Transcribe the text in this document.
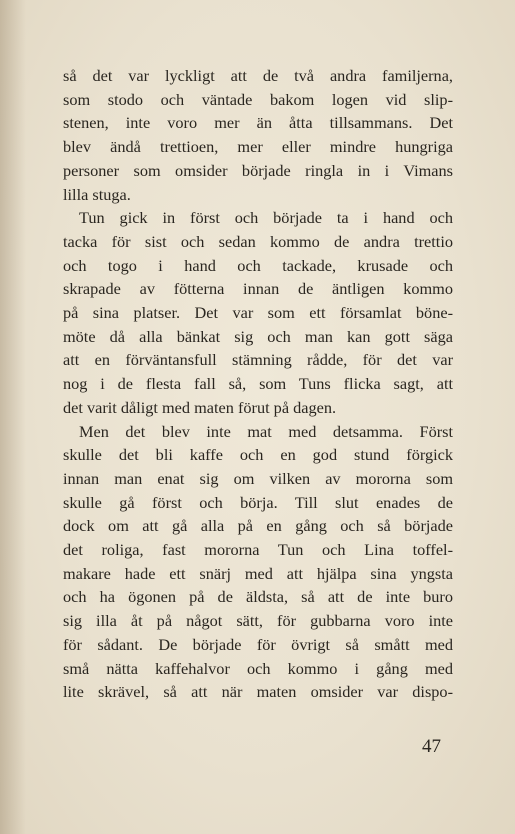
så det var lyckligt att de två andra familjerna,
som stodo och väntade bakom logen vid slip-
stenen, inte voro mer än åtta tillsammans. Det
blev ändå trettioen, mer eller mindre hungriga
personer som omsider började ringla in i Vimans
lilla stuga.
Tun gick in först och började ta i hand och
tacka för sist och sedan kommo de andra trettio
och togo i hand och tackade, krusade och
skrapade av fötterna innan de äntligen kommo
på sina platser. Det var som ett församlat böne-
möte då alla bänkat sig och man kan gott säga
att en förväntansfull stämning rådde, för det var
nog i de flesta fall så, som Tuns flicka sagt, att
det varit dåligt med maten förut på dagen.
Men det blev inte mat med detsamma. Först
skulle det bli kaffe och en god stund förgick
innan man enat sig om vilken av mororna som
skulle gå först och börja. Till slut enades de
dock om att gå alla på en gång och så började
det roliga, fast mororna Tun och Lina toffel-
makare hade ett snärj med att hjälpa sina yngsta
och ha ögonen på de äldsta, så att de inte buro
sig illa åt på något sätt, för gubbarna voro inte
för sådant. De började för övrigt så smått med
små nätta kaffehalvor och kommo i gång med
lite skrävel, så att när maten omsider var dispo-
47
